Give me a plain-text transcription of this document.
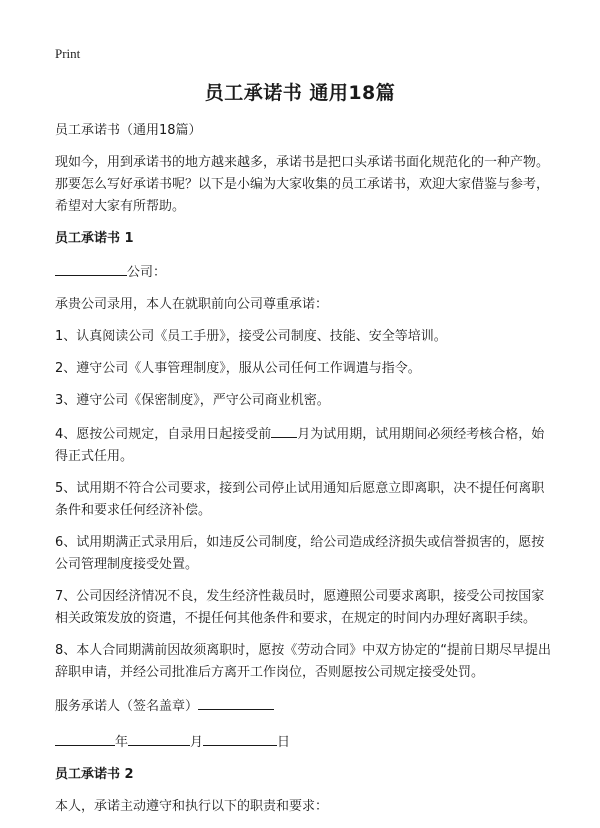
Print
员工承诺书 通用18篇

员工承诺书（通用18篇）

现如今，用到承诺书的地方越来越多，承诺书是把口头承诺书面化规范化的一种产物。那要怎么写好承诺书呢？以下是小编为大家收集的员工承诺书，欢迎大家借鉴与参考，希望对大家有所帮助。

员工承诺书 1

公司：

承贵公司录用，本人在就职前向公司尊重承诺：

1、认真阅读公司《员工手册》，接受公司制度、技能、安全等培训。

2、遵守公司《人事管理制度》，服从公司任何工作调遣与指令。

3、遵守公司《保密制度》，严守公司商业机密。

4、愿按公司规定，自录用日起接受前 月为试用期，试用期间必须经考核合格，始得正式任用。

5、试用期不符合公司要求，接到公司停止试用通知后愿意立即离职，决不提任何离职条件和要求任何经济补偿。

6、试用期满正式录用后，如违反公司制度，给公司造成经济损失或信誉损害的，愿按公司管理制度接受处置。

7、公司因经济情况不良，发生经济性裁员时，愿遵照公司要求离职，接受公司按国家相关政策发放的资遣，不提任何其他条件和要求，在规定的时间内办理好离职手续。

8、本人合同期满前因故须离职时，愿按《劳动合同》中双方协定的“提前日期尽早提出辞职申请，并经公司批准后方离开工作岗位，否则愿按公司规定接受处罚。

服务承诺人（签名盖章）

年	月	日

员工承诺书 2

本人，承诺主动遵守和执行以下的职责和要求：
